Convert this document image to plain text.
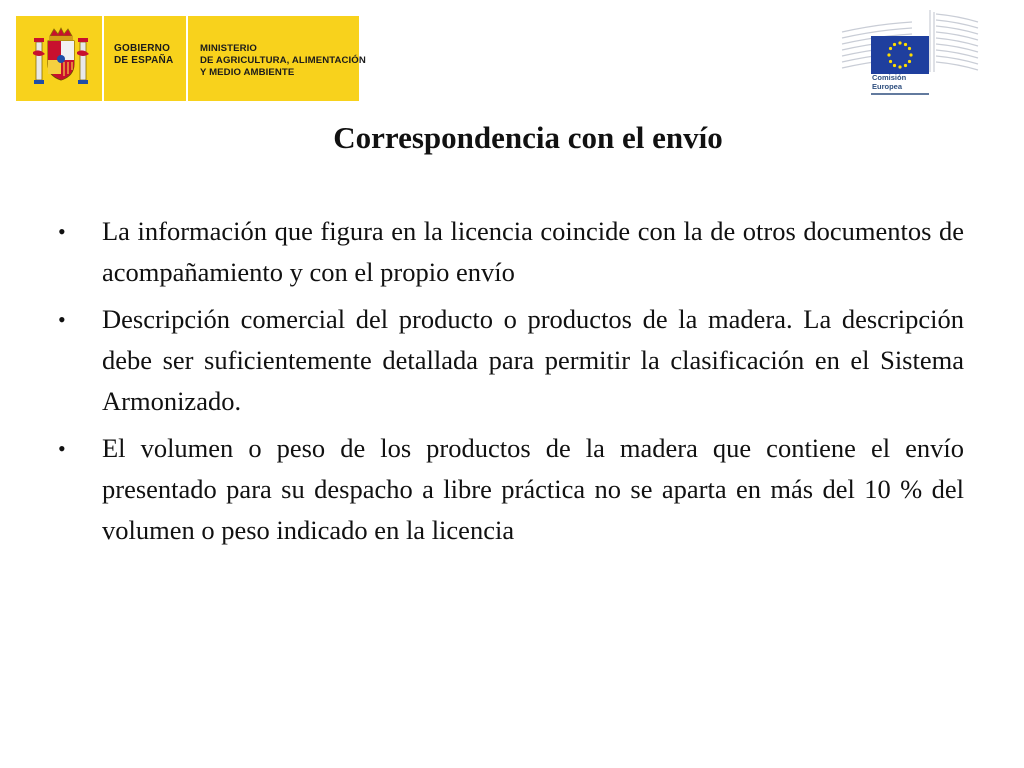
GOBIERNO
DE ESPAÑA
MINISTERIO
DE AGRICULTURA, ALIMENTACIÓN
Y MEDIO AMBIENTE	Comisión
Europea
Correspondencia con el envío
•	La información que figura en la licencia coincide con la de otros documentos de acompañamiento y con el propio envío
•	Descripción comercial del producto o productos de la madera. La descripción debe ser suficientemente detallada para permitir la clasificación en el Sistema Armonizado.
•	El volumen o peso de los productos de la madera que contiene el envío presentado para su despacho a libre práctica no se aparta en más del 10 % del volumen o peso indicado en la licencia
